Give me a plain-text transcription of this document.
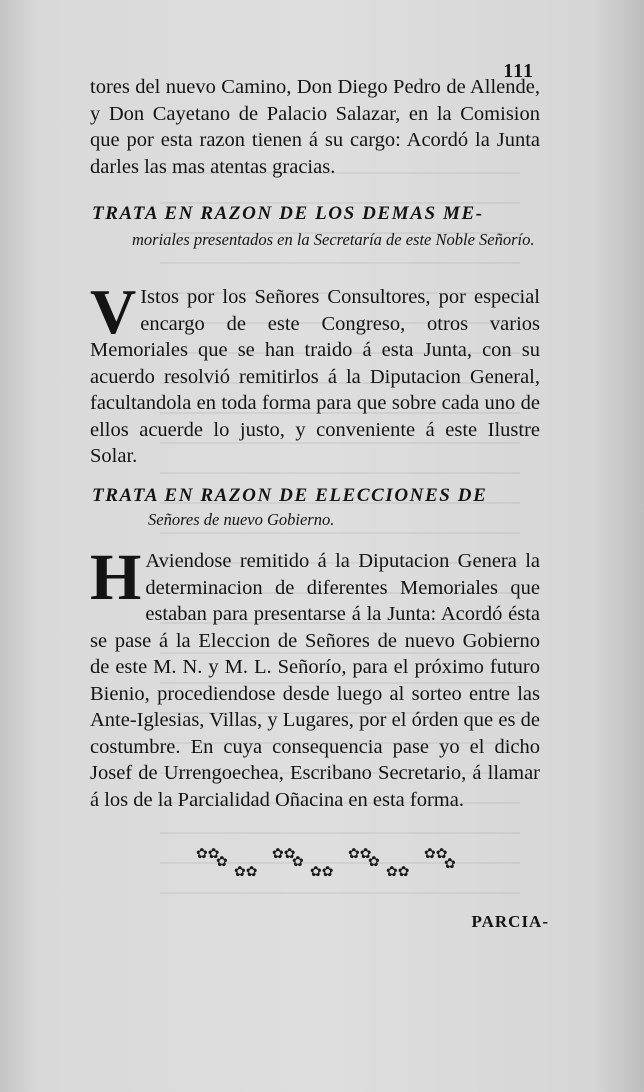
111

tores del nuevo Camino, Don Diego Pedro de Allende, y Don Cayetano de Palacio Salazar, en la Comision que por esta razon tienen á su cargo: Acordó la Junta darles las mas atentas gracias.

TRATA EN RAZON DE LOS DEMAS ME-
moriales presentados en la Secretaría de este Noble Señorío.
V Istos por los Señores Consultores, por especial encargo de este Congreso, otros varios Memoriales que se han traido á esta Junta, con su acuerdo resolvió remitirlos á la Diputacion General, facultandola en toda forma para que sobre cada uno de ellos acuerde lo justo, y conveniente á este Ilustre Solar.
TRATA EN RAZON DE ELECCIONES DE
Señores de nuevo Gobierno.
H Aviendose remitido á la Diputacion Genera la determinacion de diferentes Memoriales que estaban para presentarse á la Junta: Acordó ésta se pase á la Eleccion de Señores de nuevo Gobierno de este M. N. y M. L. Señorío, para el próximo futuro Bienio, procediendose desde luego al sorteo entre las Ante-Iglesias, Villas, y Lugares, por el órden que es de costumbre. En cuya consequencia pase yo el dicho Josef de Urrengoechea, Escribano Secretario, á llamar á los de la Parcialidad Oñacina en esta forma.
✿✿
✿✿
✿✿
✿✿
✿✿
✿✿
✿✿
✿	✿	✿	✿
PARCIA-
